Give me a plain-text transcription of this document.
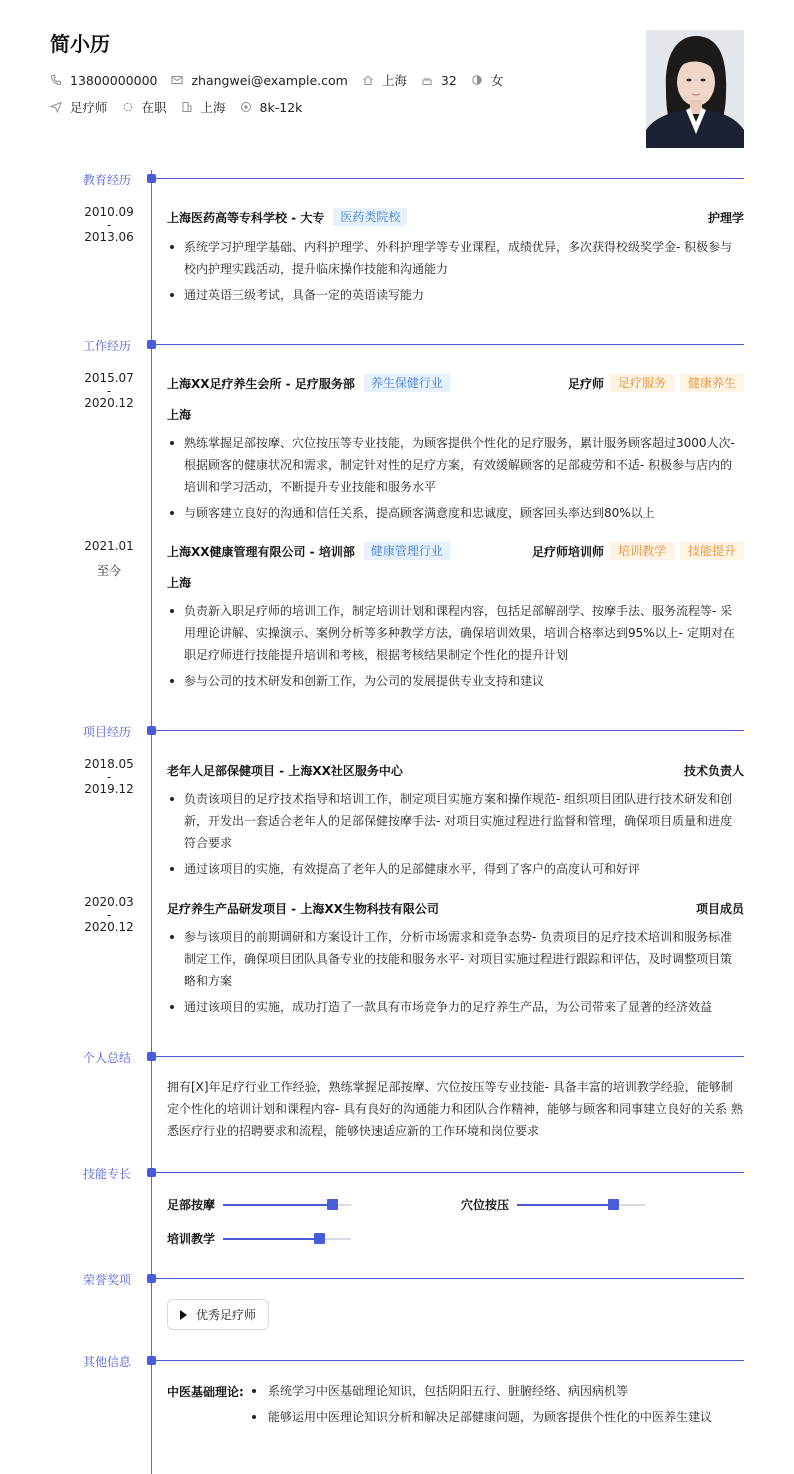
简小历
13800000000	zhangwei@example.com	上海	32	女
足疗师	在职	上海	8k-12k
教育经历
2010.09
-
2013.06
上海医药高等专科学校 - 大专	医药类院校	护理学
系统学习护理学基础、内科护理学、外科护理学等专业课程，成绩优异，多次获得校级奖学金- 积极参与校内护理实践活动，提升临床操作技能和沟通能力
通过英语三级考试，具备一定的英语读写能力
工作经历
2015.07
-
2020.12
上海XX足疗养生会所 - 足疗服务部	养生保健行业	足疗师	足疗服务	健康养生
上海
熟练掌握足部按摩、穴位按压等专业技能，为顾客提供个性化的足疗服务，累计服务顾客超过3000人次- 根据顾客的健康状况和需求，制定针对性的足疗方案，有效缓解顾客的足部疲劳和不适- 积极参与店内的培训和学习活动，不断提升专业技能和服务水平
与顾客建立良好的沟通和信任关系，提高顾客满意度和忠诚度，顾客回头率达到80%以上
2021.01
至今
上海XX健康管理有限公司 - 培训部	健康管理行业	足疗师培训师	培训教学	技能提升
上海
负责新入职足疗师的培训工作，制定培训计划和课程内容，包括足部解剖学、按摩手法、服务流程等- 采用理论讲解、实操演示、案例分析等多种教学方法，确保培训效果，培训合格率达到95%以上- 定期对在职足疗师进行技能提升培训和考核，根据考核结果制定个性化的提升计划
参与公司的技术研发和创新工作，为公司的发展提供专业支持和建议
项目经历
2018.05
-
2019.12
老年人足部保健项目 - 上海XX社区服务中心	技术负责人
负责该项目的足疗技术指导和培训工作，制定项目实施方案和操作规范- 组织项目团队进行技术研发和创新，开发出一套适合老年人的足部保健按摩手法- 对项目实施过程进行监督和管理，确保项目质量和进度符合要求
通过该项目的实施，有效提高了老年人的足部健康水平，得到了客户的高度认可和好评
2020.03
-
2020.12
足疗养生产品研发项目 - 上海XX生物科技有限公司	项目成员
参与该项目的前期调研和方案设计工作，分析市场需求和竞争态势- 负责项目的足疗技术培训和服务标准制定工作，确保项目团队具备专业的技能和服务水平- 对项目实施过程进行跟踪和评估，及时调整项目策略和方案
通过该项目的实施，成功打造了一款具有市场竞争力的足疗养生产品，为公司带来了显著的经济效益
个人总结
拥有[X]年足疗行业工作经验，熟练掌握足部按摩、穴位按压等专业技能- 具备丰富的培训教学经验，能够制定个性化的培训计划和课程内容- 具有良好的沟通能力和团队合作精神，能够与顾客和同事建立良好的关系 熟悉医疗行业的招聘要求和流程，能够快速适应新的工作环境和岗位要求
技能专长
足部按摩	穴位按压
培训教学
荣誉奖项
优秀足疗师
其他信息
中医基础理论:	系统学习中医基础理论知识，包括阴阳五行、脏腑经络、病因病机等
能够运用中医理论知识分析和解决足部健康问题，为顾客提供个性化的中医养生建议
